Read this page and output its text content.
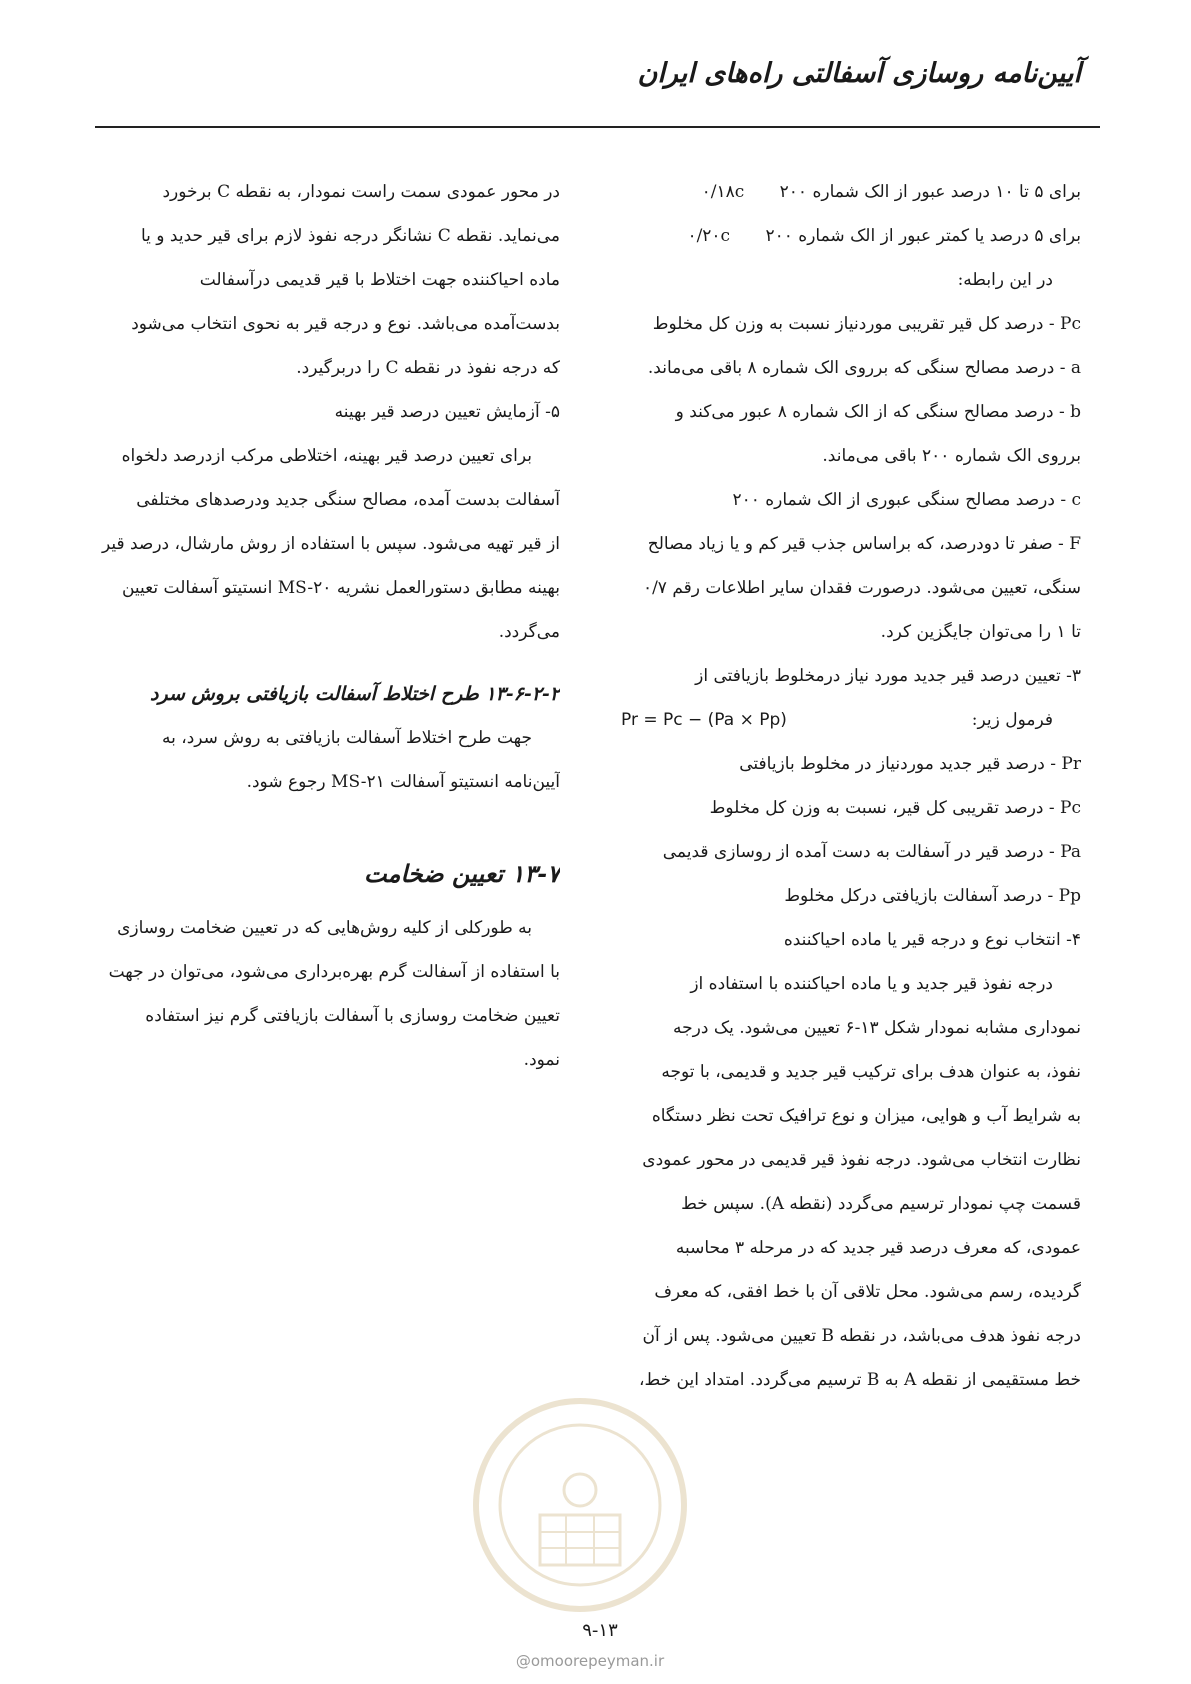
آیین‌نامه روسازی آسفالتی راه‌های ایران
برای ۵ تا ۱۰ درصد عبور از الک شماره ۲۰۰ ۰/۱۸c
برای ۵ درصد یا کمتر عبور از الک شماره ۲۰۰ ۰/۲۰c
در این رابطه:
Pc - درصد کل قیر تقریبی موردنیاز نسبت به وزن کل مخلوط
a - درصد مصالح سنگی که برروی الک شماره ۸ باقی می‌ماند.
b - درصد مصالح سنگی که از الک شماره ۸ عبور می‌کند و
برروی الک شماره ۲۰۰ باقی می‌ماند.
c - درصد مصالح سنگی عبوری از الک شماره ۲۰۰
F - صفر تا دودرصد، که براساس جذب قیر کم و یا زیاد مصالح
سنگی، تعیین می‌شود. درصورت فقدان سایر اطلاعات رقم ۰/۷
تا ۱ را می‌توان جایگزین کرد.
۳- تعیین درصد قیر جدید مورد نیاز درمخلوط بازیافتی از
فرمول زیر:
Pr = Pc − (Pa × Pp)
Pr - درصد قیر جدید موردنیاز در مخلوط بازیافتی
Pc - درصد تقریبی کل قیر، نسبت به وزن کل مخلوط
Pa - درصد قیر در آسفالت به دست آمده از روسازی قدیمی
Pp - درصد آسفالت بازیافتی درکل مخلوط
۴- انتخاب نوع و درجه قیر یا ماده احیاکننده
درجه نفوذ قیر جدید و یا ماده احیاکننده با استفاده از
نموداری مشابه نمودار شکل ۱۳-۶ تعیین می‌شود. یک درجه
نفوذ، به عنوان هدف برای ترکیب قیر جدید و قدیمی، با توجه
به شرایط آب و هوایی، میزان و نوع ترافیک تحت نظر دستگاه
نظارت انتخاب می‌شود. درجه نفوذ قیر قدیمی در محور عمودی
قسمت چپ نمودار ترسیم می‌گردد (نقطه A). سپس خط
عمودی، که معرف درصد قیر جدید که در مرحله ۳ محاسبه
گردیده، رسم می‌شود. محل تلاقی آن با خط افقی، که معرف
درجه نفوذ هدف می‌باشد، در نقطه B تعیین می‌شود. پس از آن
خط مستقیمی از نقطه A به B ترسیم می‌گردد. امتداد این خط،
در محور عمودی سمت راست نمودار، به نقطه C برخورد
می‌نماید. نقطه C نشانگر درجه نفوذ لازم برای قیر حدید و یا
ماده احیاکننده جهت اختلاط با قیر قدیمی درآسفالت
بدست‌آمده می‌باشد. نوع و درجه قیر به نحوی انتخاب می‌شود
که درجه نفوذ در نقطه C را دربرگیرد.
۵- آزمایش تعیین درصد قیر بهینه
برای تعیین درصد قیر بهینه، اختلاطی مرکب ازدرصد دلخواه
آسفالت بدست آمده، مصالح سنگی جدید ودرصدهای مختلفی
از قیر تهیه می‌شود. سپس با استفاده از روش مارشال، درصد قیر
بهینه مطابق دستورالعمل نشریه MS-۲۰ انستیتو آسفالت تعیین
می‌گردد.
۱۳-۶-۲-۲ طرح اختلاط آسفالت بازیافتی بروش سرد
جهت طرح اختلاط آسفالت بازیافتی به روش سرد، به
آیین‌نامه انستیتو آسفالت MS-۲۱ رجوع شود.
۱۳-۷ تعیین ضخامت
به طورکلی از کلیه روش‌هایی که در تعیین ضخامت روسازی
با استفاده از آسفالت گرم بهره‌برداری می‌شود، می‌توان در جهت
تعیین ضخامت روسازی با آسفالت بازیافتی گرم نیز استفاده
نمود.
۹-۱۳
@omoorepeyman.ir
